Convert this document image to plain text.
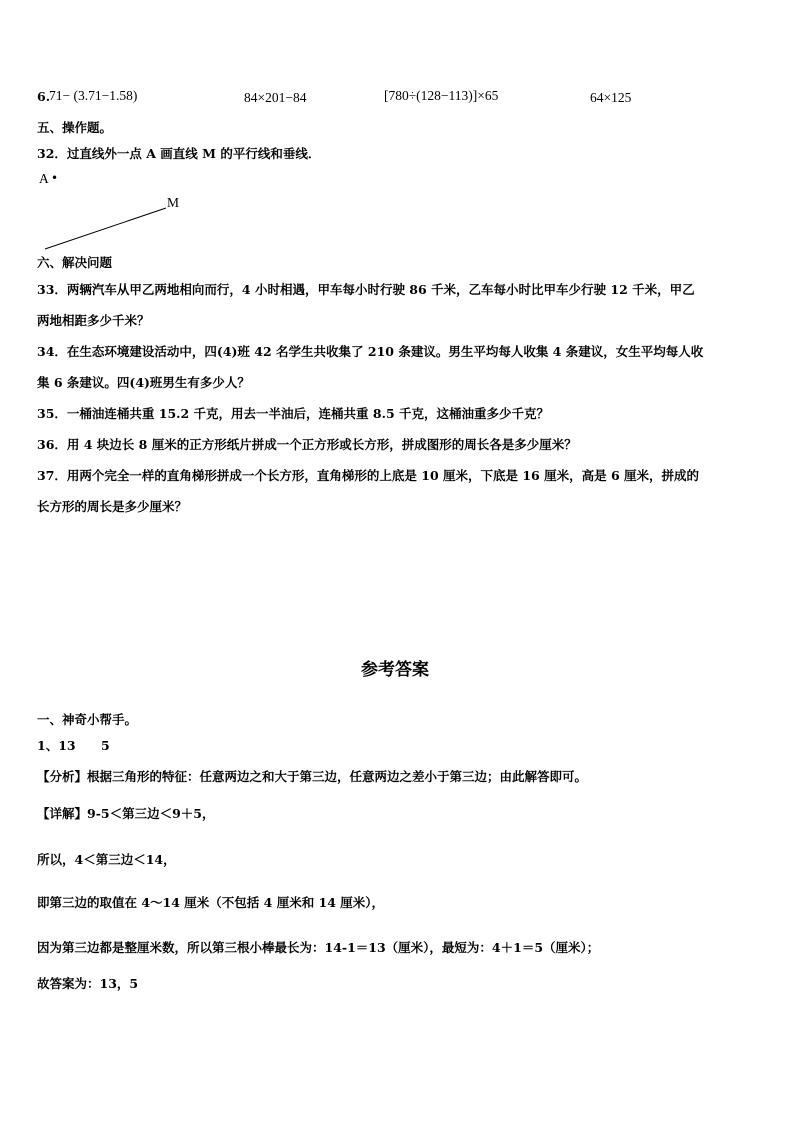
6.
71− (3.71−1.58)	84×201−84	[780÷(128−113)]×65	64×125
五、操作题。
32．过直线外一点 A 画直线 M 的平行线和垂线．
A •
M
六、解决问题
33．两辆汽车从甲乙两地相向而行，4 小时相遇，甲车每小时行驶 86 千米，乙车每小时比甲车少行驶 12 千米，甲乙
两地相距多少千米？
34．在生态环境建设活动中，四(4)班 42 名学生共收集了 210 条建议。男生平均每人收集 4 条建议，女生平均每人收
集 6 条建议。四(4)班男生有多少人？
35．一桶油连桶共重 15.2 千克，用去一半油后，连桶共重 8.5 千克，这桶油重多少千克？
36．用 4 块边长 8 厘米的正方形纸片拼成一个正方形或长方形，拼成图形的周长各是多少厘米？
37．用两个完全一样的直角梯形拼成一个长方形，直角梯形的上底是 10 厘米，下底是 16 厘米，高是 6 厘米，拼成的
长方形的周长是多少厘米？
参考答案
一、神奇小帮手。
1、13 5
【分析】根据三角形的特征：任意两边之和大于第三边，任意两边之差小于第三边；由此解答即可。
【详解】9-5＜第三边＜9＋5，
所以，4＜第三边＜14，
即第三边的取值在 4～14 厘米（不包括 4 厘米和 14 厘米），
因为第三边都是整厘米数，所以第三根小棒最长为：14-1＝13（厘米），最短为：4＋1＝5（厘米）；
故答案为：13，5
